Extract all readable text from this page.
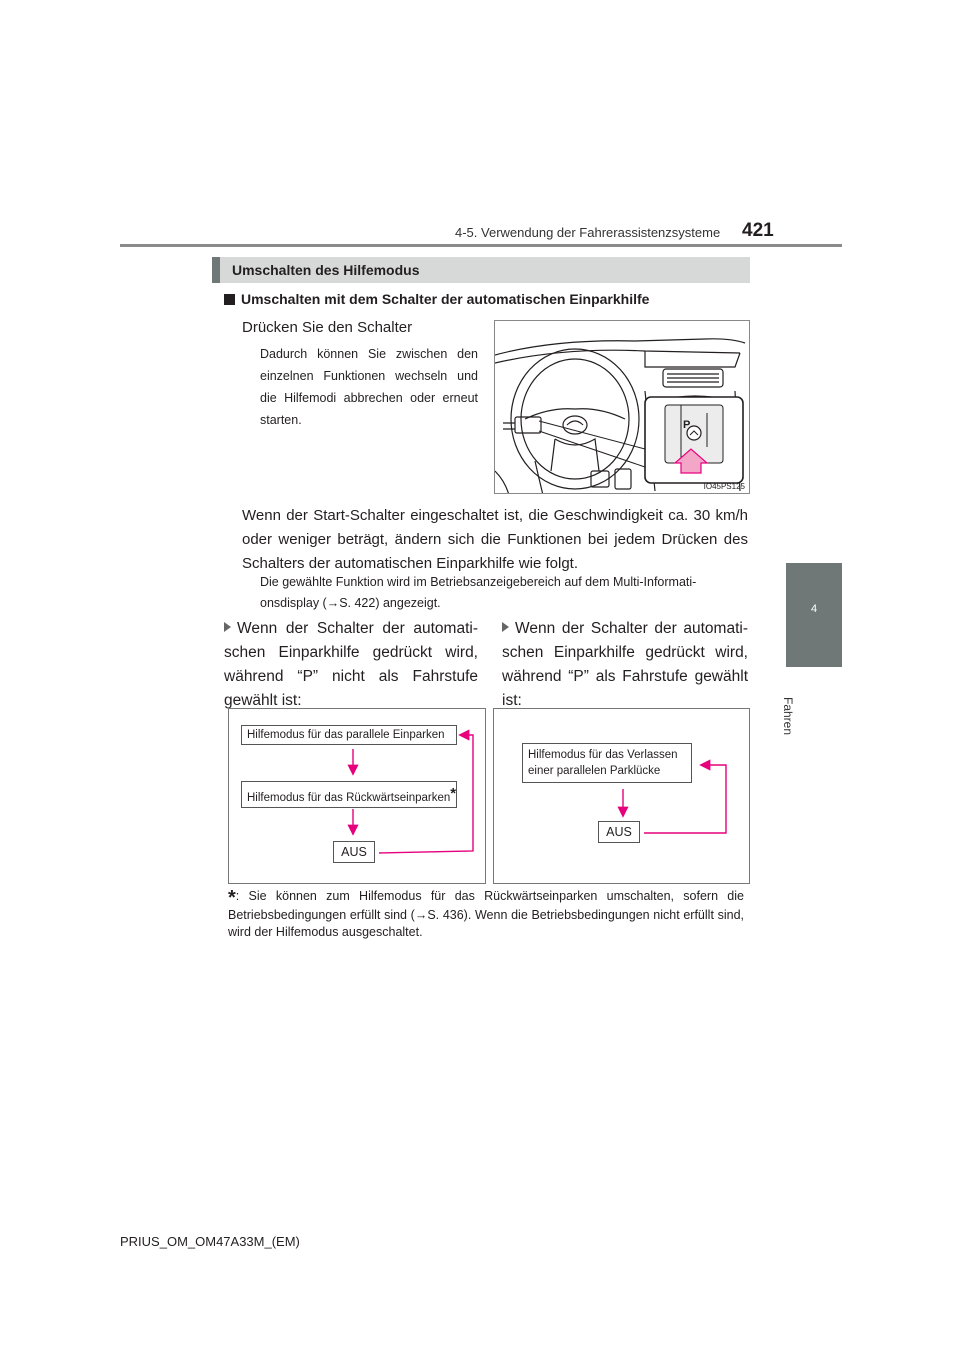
4-5. Verwendung der Fahrerassistenzsysteme 421
4
Fahren
Umschalten des Hilfemodus
Umschalten mit dem Schalter der automatischen Einparkhilfe
Drücken Sie den Schalter
Dadurch können Sie zwischen den einzelnen Funktionen wechseln und die Hilfemodi abbrechen oder erneut starten.	P
IO45PS125
Wenn der Start-Schalter eingeschaltet ist, die Geschwindigkeit ca. 30 km/h oder weniger beträgt, ändern sich die Funktionen bei jedem Drücken des Schalters der automatischen Einparkhilfe wie folgt.
Die gewählte Funktion wird im Betriebsanzeigebereich auf dem Multi-Informati-onsdisplay (→S. 422) angezeigt.
Wenn der Schalter der automati-schen Einparkhilfe gedrückt wird, während “P” nicht als Fahrstufe gewählt ist:
Wenn der Schalter der automati-schen Einparkhilfe gedrückt wird, während “P” als Fahrstufe gewählt ist:
Hilfemodus für das parallele Einparken
Hilfemodus für das Rückwärtseinparken*
AUS
Hilfemodus für das Verlassen
einer parallelen Parklücke
AUS
*: Sie können zum Hilfemodus für das Rückwärtseinparken umschalten, sofern die Betriebsbedingungen erfüllt sind (→S. 436). Wenn die Betriebsbedingungen nicht erfüllt sind, wird der Hilfemodus ausgeschaltet.
PRIUS_OM_OM47A33M_(EM)
